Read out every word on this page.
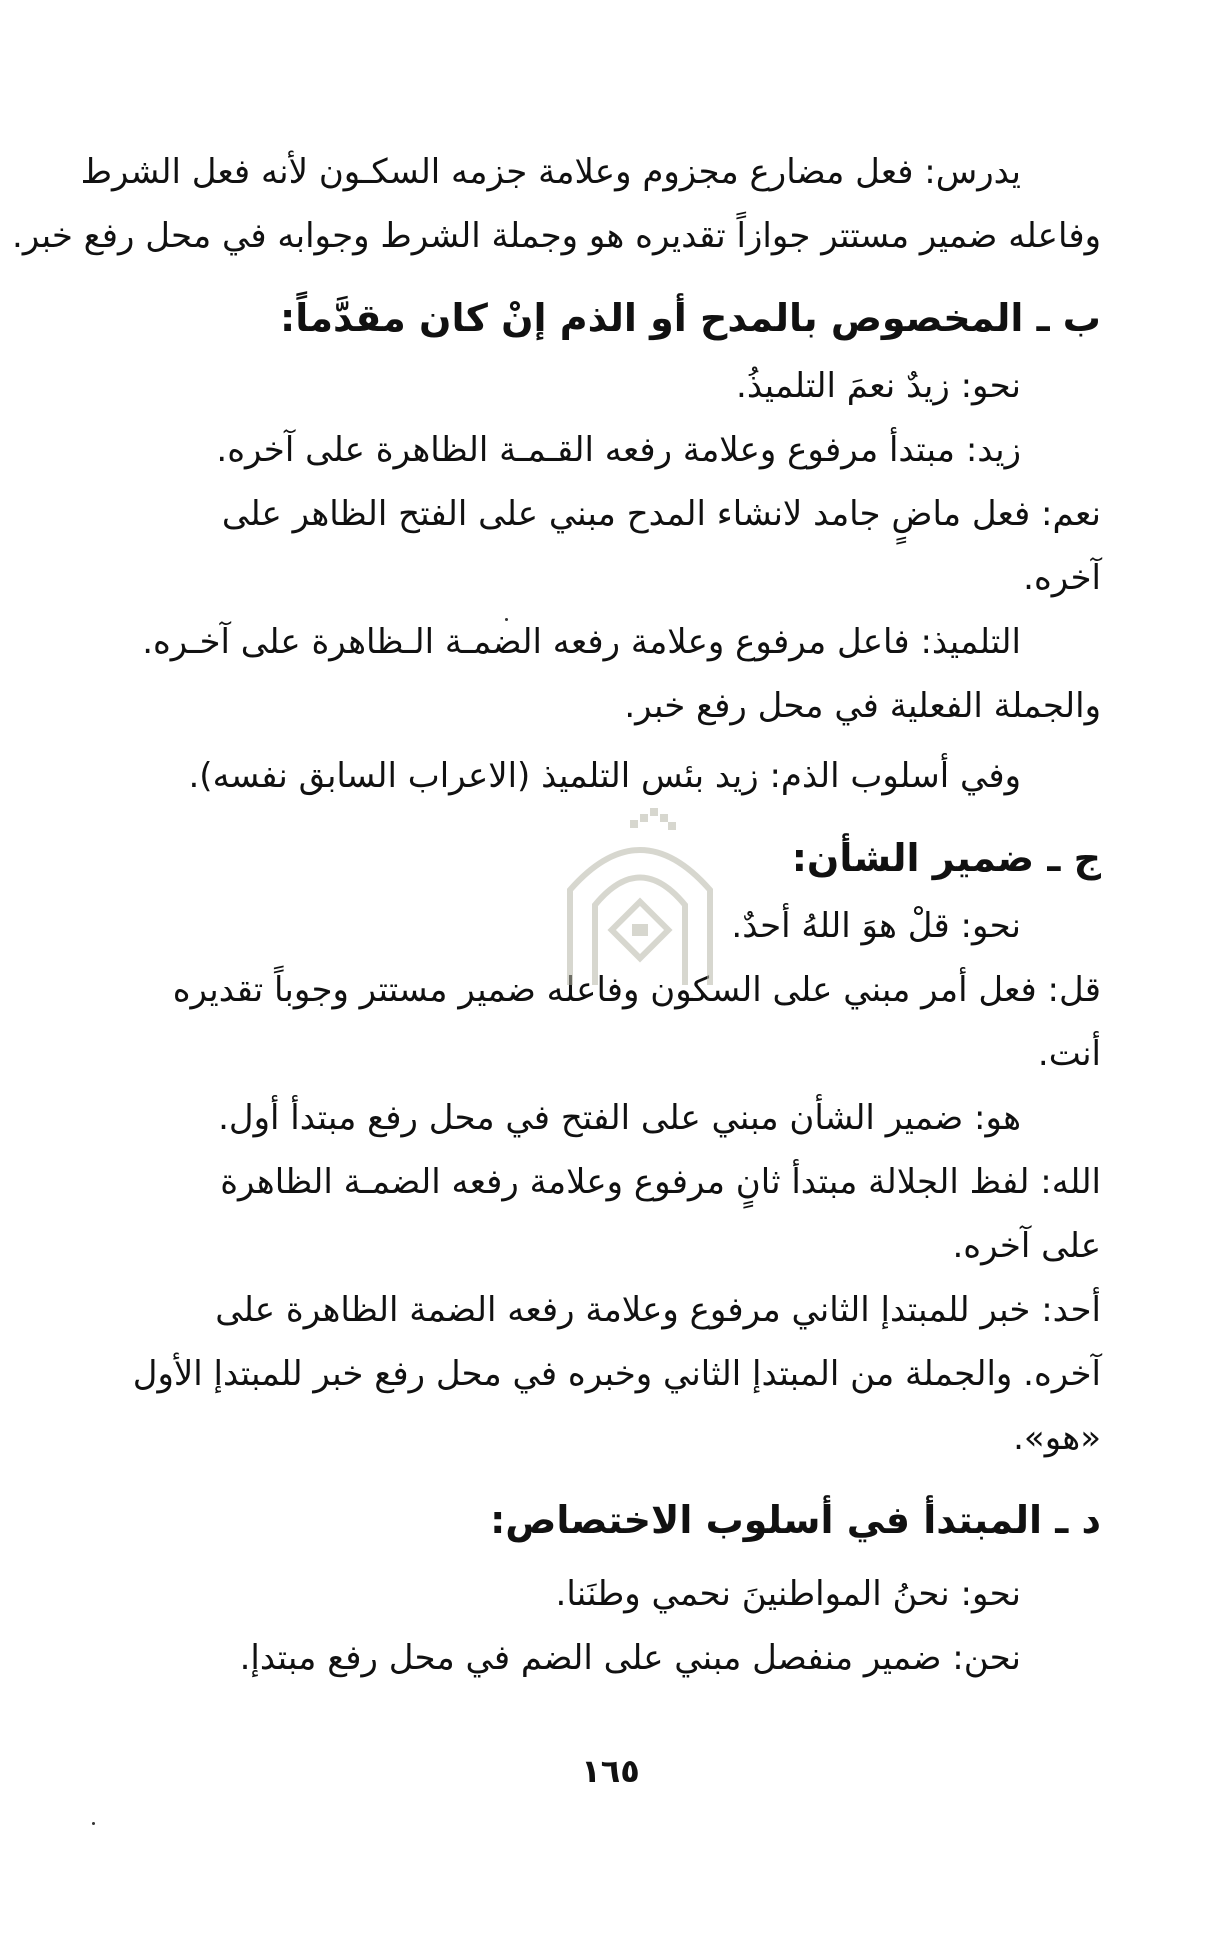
يدرس: فعل مضارع مجزوم وعلامة جزمه السكـون لأنه فعل الشرط

وفاعله ضمير مستتر جوازاً تقديره هو وجملة الشرط وجوابه في محل رفع خبر.

ب ـ المخصوص بالمدح أو الذم إنْ كان مقدَّماً:

نحو: زيدٌ نعمَ التلميذُ.

زيد: مبتدأ مرفوع وعلامة رفعه القـمـة الظاهرة على آخره.

نعم: فعل ماضٍ جامد لانشاء المدح مبني على الفتح الظاهر على

آخره.

التلميذ: فاعل مرفوع وعلامة رفعه الضمـة الـظاهرة على آخـره.

والجملة الفعلية في محل رفع خبر.

وفي أسلوب الذم: زيد بئس التلميذ (الاعراب السابق نفسه).

ج ـ ضمير الشأن:

نحو: قلْ هوَ اللهُ أحدٌ.

قل: فعل أمر مبني على السكون وفاعله ضمير مستتر وجوباً تقديره

أنت.

هو: ضمير الشأن مبني على الفتح في محل رفع مبتدأ أول.

الله: لفظ الجلالة مبتدأ ثانٍ مرفوع وعلامة رفعه الضمـة الظاهرة

على آخره.

أحد: خبر للمبتدإ الثاني مرفوع وعلامة رفعه الضمة الظاهرة على

آخره. والجملة من المبتدإ الثاني وخبره في محل رفع خبر للمبتدإ الأول

«هو».

د ـ المبتدأ في أسلوب الاختصاص:

نحو: نحنُ المواطنينَ نحمي وطنَنا.

نحن: ضمير منفصل مبني على الضم في محل رفع مبتدإ.

١٦٥
